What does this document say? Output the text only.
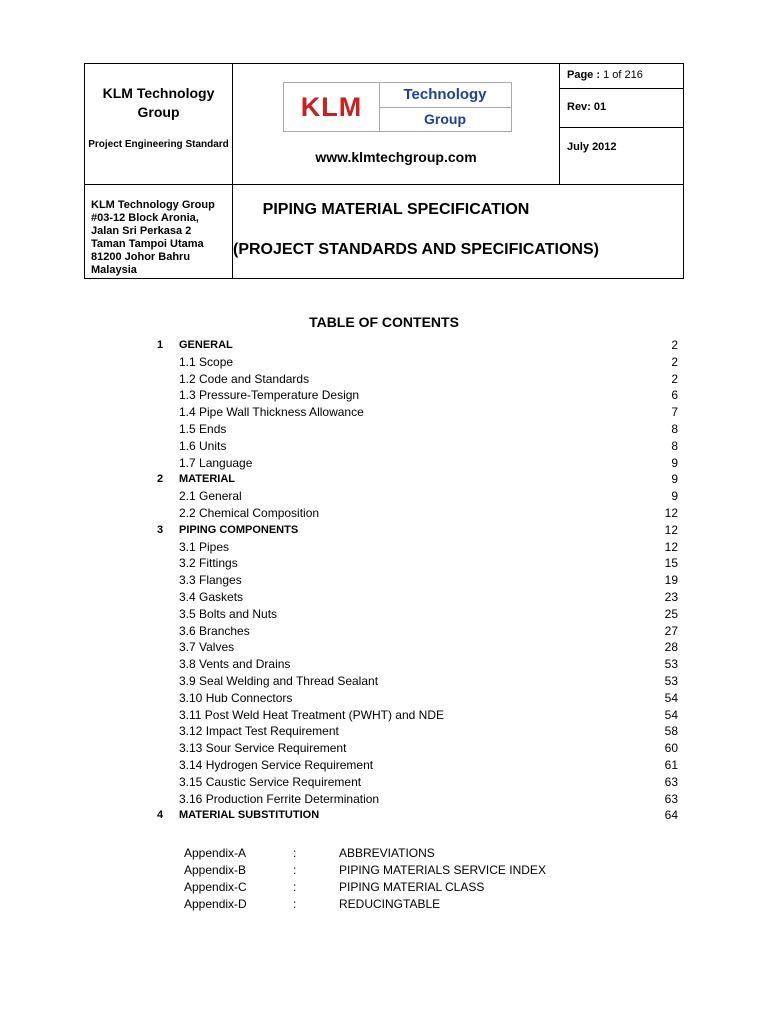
KLM Technology Group
Project Engineering Standard
KLM	Technology
Group
www.klmtechgroup.com
Page : 1 of 216
Rev: 01
July 2012
KLM Technology Group
#03-12 Block Aronia,
Jalan Sri Perkasa 2
Taman Tampoi Utama
81200 Johor Bahru
Malaysia
PIPING MATERIAL SPECIFICATION
(PROJECT STANDARDS AND SPECIFICATIONS)
TABLE OF CONTENTS
1 GENERAL	2
1.1 Scope	2
1.2 Code and Standards	2
1.3 Pressure-Temperature Design	6
1.4 Pipe Wall Thickness Allowance	7
1.5 Ends	8
1.6 Units	8
1.7 Language	9
2 MATERIAL	9
2.1 General	9
2.2 Chemical Composition	12
3 PIPING COMPONENTS	12
3.1 Pipes	12
3.2 Fittings	15
3.3 Flanges	19
3.4 Gaskets	23
3.5 Bolts and Nuts	25
3.6 Branches	27
3.7 Valves	28
3.8 Vents and Drains	53
3.9 Seal Welding and Thread Sealant	53
3.10 Hub Connectors	54
3.11 Post Weld Heat Treatment (PWHT) and NDE	54
3.12 Impact Test Requirement	58
3.13 Sour Service Requirement	60
3.14 Hydrogen Service Requirement	61
3.15 Caustic Service Requirement	63
3.16 Production Ferrite Determination	63
4 MATERIAL SUBSTITUTION	64
Appendix-A	:	ABBREVIATIONS
Appendix-B	:	PIPING MATERIALS SERVICE INDEX
Appendix-C	:	PIPING MATERIAL CLASS
Appendix-D	:	REDUCINGTABLE
